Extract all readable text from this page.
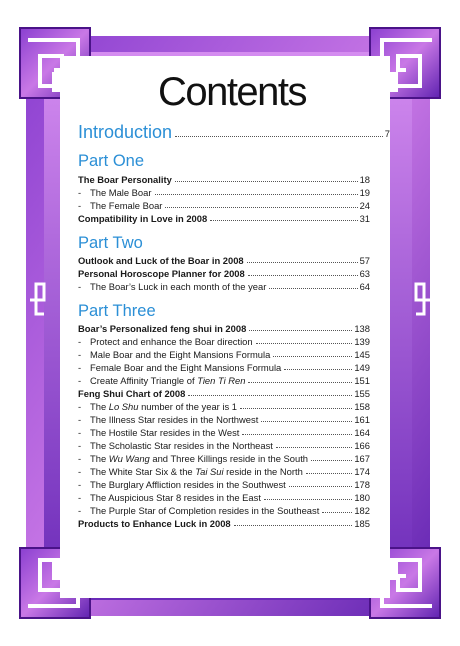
Contents
Introduction	7
Part One
The Boar Personality	18
- The Male Boar	19
- The Female Boar	24
Compatibility in Love in 2008	31
Part Two
Outlook and Luck of the Boar in 2008	57
Personal Horoscope Planner for 2008	63
- The Boar’s Luck in each month of the year	64
Part Three
Boar’s Personalized feng shui in 2008	138
- Protect and enhance the Boar direction	139
- Male Boar and the Eight Mansions Formula	145
- Female Boar and the Eight Mansions Formula	149
- Create Affinity Triangle of Tien Ti Ren	151
Feng Shui Chart of 2008	155
- The Lo Shu number of the year is 1	158
- The Illness Star resides in the Northwest	161
- The Hostile Star resides in the West	164
- The Scholastic Star resides in the Northeast	166
- The Wu Wang and Three Killings reside in the South	167
- The White Star Six & the Tai Sui reside in the North	174
- The Burglary Affliction resides in the Southwest	178
- The Auspicious Star 8 resides in the East	180
- The Purple Star of Completion resides in the Southeast	182
Products to Enhance Luck in 2008	185
